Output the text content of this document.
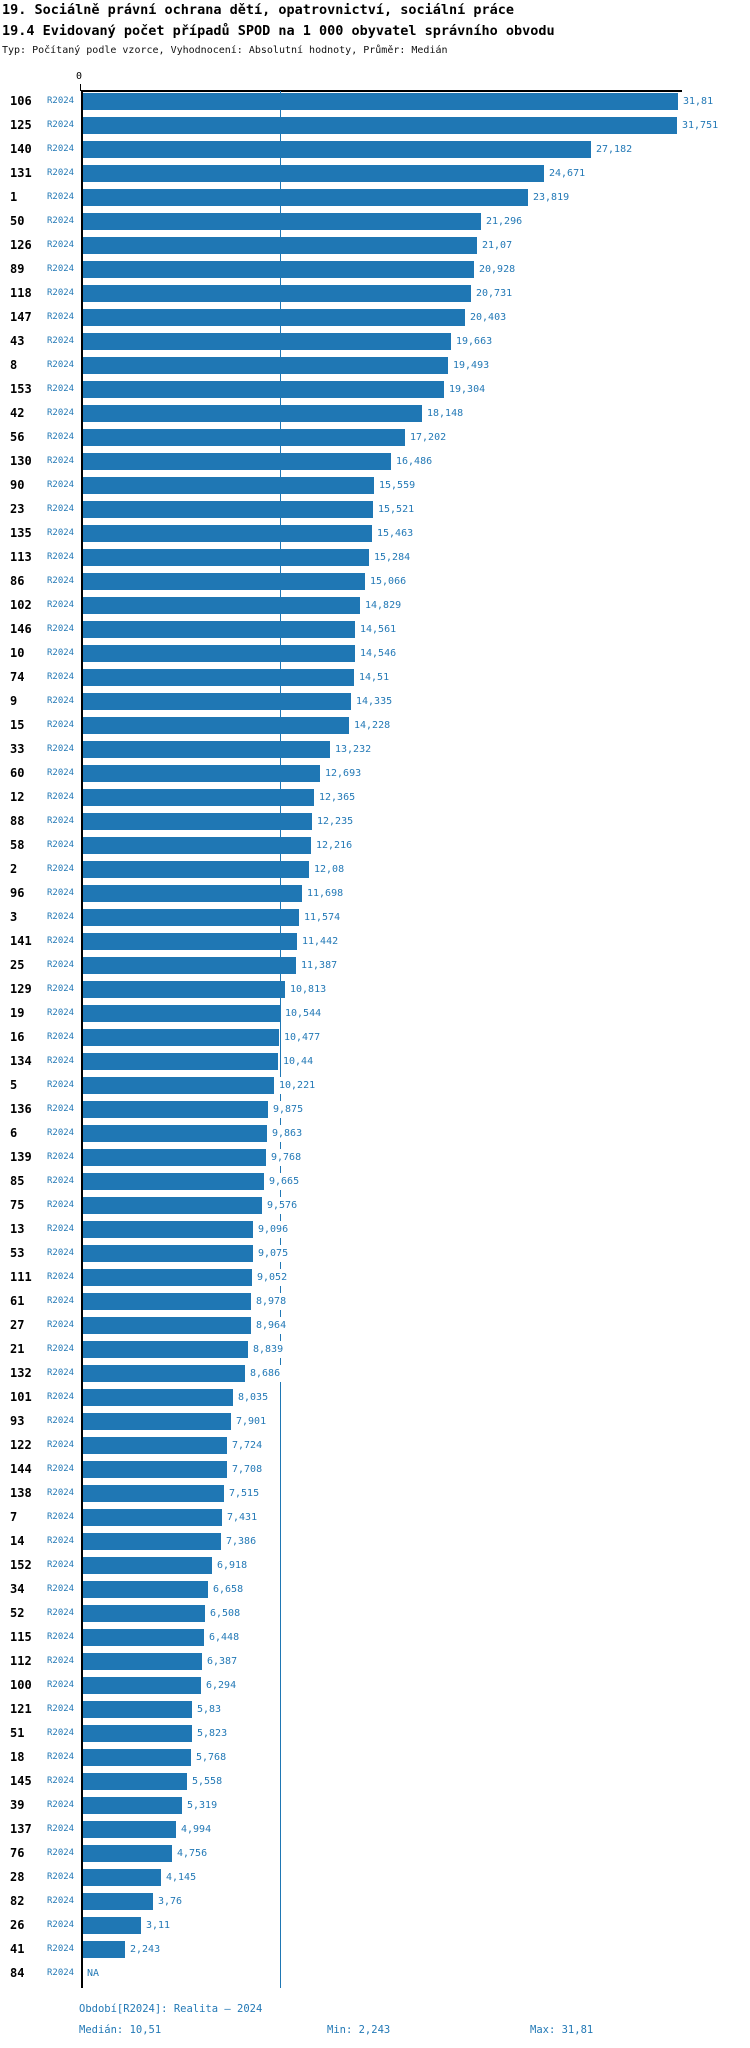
19. Sociálně právní ochrana dětí, opatrovnictví, sociální práce
19.4 Evidovaný počet případů SPOD na 1 000 obyvatel správního obvodu
Typ: Počítaný podle vzorce, Vyhodnocení: Absolutní hodnoty, Průměr: Medián
0
106 R2024	31,81
125 R2024	31,751
140 R2024	27,182
131 R2024	24,671
1	R2024	23,819
50	R2024	21,296
126 R2024	21,07
89	R2024	20,928
118 R2024	20,731
147 R2024	20,403
43	R2024	19,663
8	R2024	19,493
153 R2024	19,304
42	R2024	18,148
56	R2024	17,202
130 R2024	16,486
90	R2024	15,559
23	R2024	15,521
135 R2024	15,463
113 R2024	15,284
86	R2024	15,066
102 R2024	14,829
146 R2024	14,561
10	R2024	14,546
74	R2024	14,51
9	R2024	14,335
15	R2024	14,228
33	R2024	13,232
60	R2024	12,693
12	R2024	12,365
88	R2024	12,235
58	R2024	12,216
2	R2024	12,08
96	R2024	11,698
3	R2024	11,574
141 R2024	11,442
25	R2024	11,387
129 R2024	10,813
19	R2024	10,544
16	R2024	10,477
134 R2024	10,44
5	R2024	10,221
136 R2024	9,875
6	R2024	9,863
139 R2024	9,768
85	R2024	9,665
75	R2024	9,576
13	R2024	9,096
53	R2024	9,075
111 R2024	9,052
61	R2024	8,978
27	R2024	8,964
21	R2024	8,839
132 R2024	8,686
101 R2024	8,035
93	R2024	7,901
122 R2024	7,724
144 R2024	7,708
138 R2024	7,515
7	R2024	7,431
14	R2024	7,386
152 R2024	6,918
34	R2024	6,658
52	R2024	6,508
115 R2024	6,448
112 R2024	6,387
100 R2024	6,294
121 R2024	5,83
51	R2024	5,823
18	R2024	5,768
145 R2024	5,558
39	R2024	5,319
137 R2024	4,994
76	R2024	4,756
28	R2024	4,145
82	R2024	3,76
26	R2024	3,11
41	R2024	2,243
84	R2024 NA
Období[R2024]: Realita – 2024
Medián: 10,51	Min: 2,243	Max: 31,81
